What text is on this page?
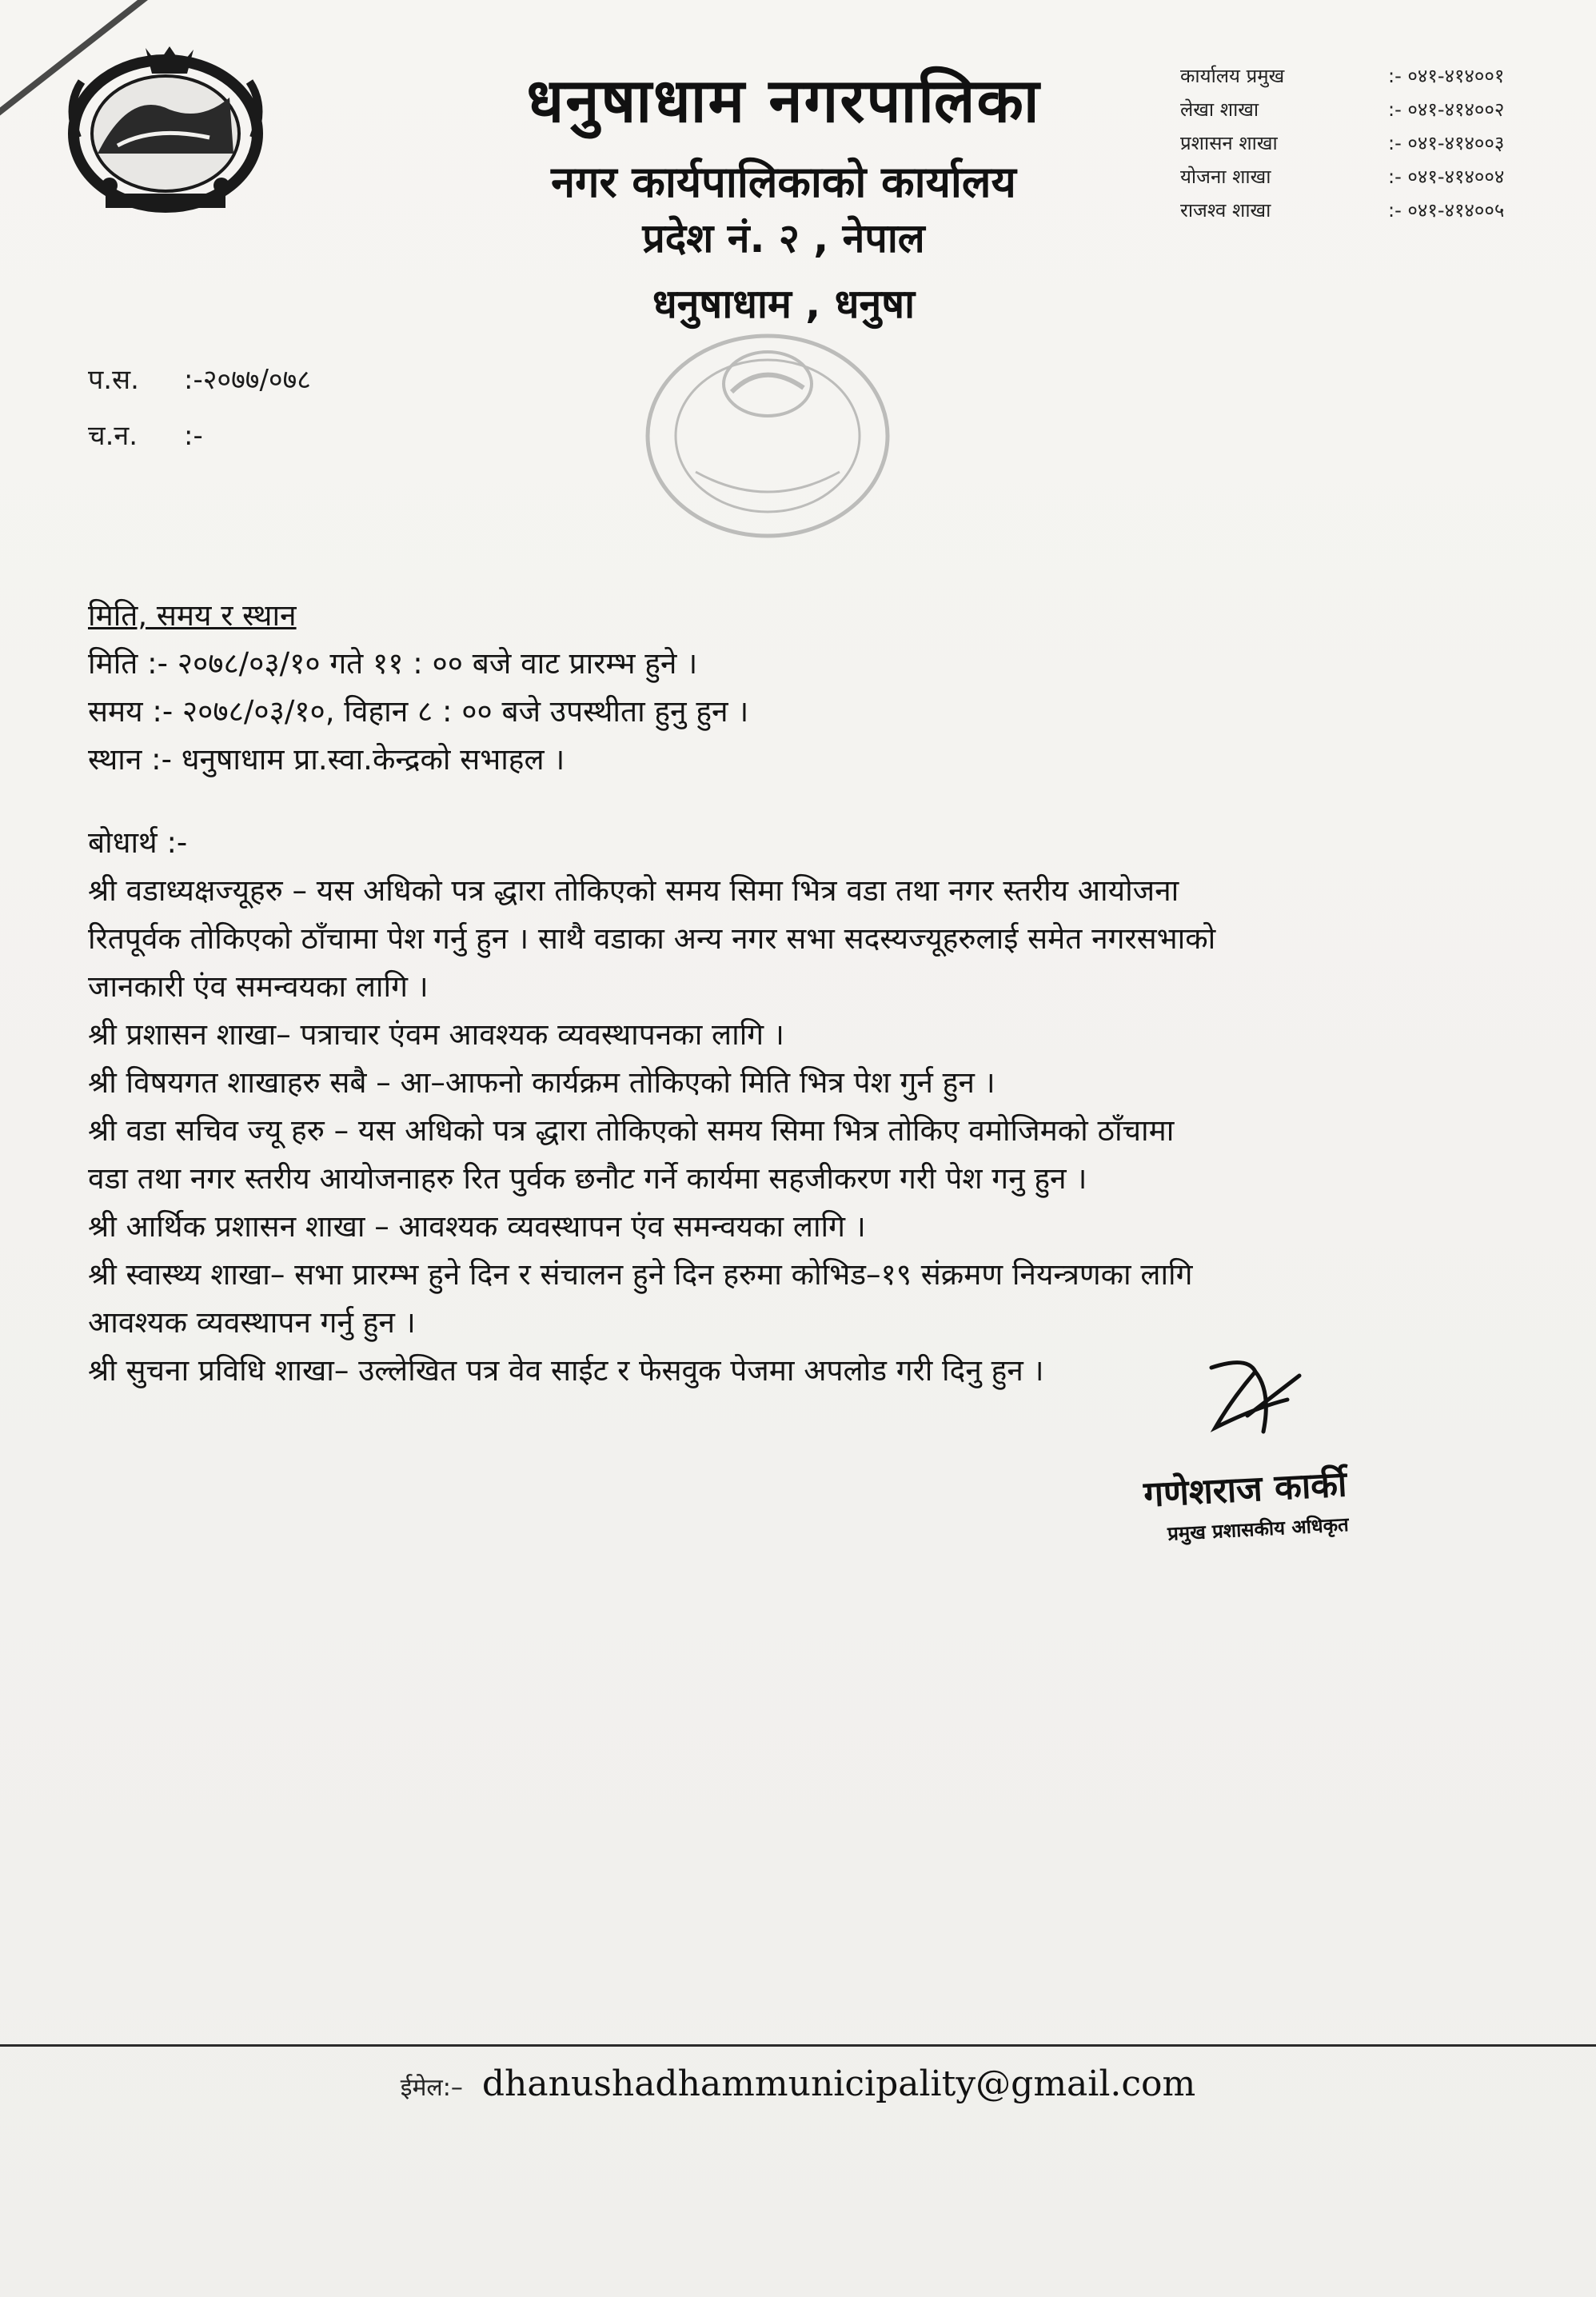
धनुषाधाम नगरपालिका
नगर कार्यपालिकाको कार्यालय
प्रदेश नं. २ , नेपाल
धनुषाधाम , धनुषा
कार्यालय प्रमुख	:- ०४१-४१४००१
लेखा शाखा	:- ०४१-४१४००२
प्रशासन शाखा	:- ०४१-४१४००३
योजना शाखा	:- ०४१-४१४००४
राजश्व शाखा	:- ०४१-४१४००५
प.स. :-२०७७/०७८
च.न. :-
मिति, समय र स्थान
मिति :- २०७८/०३/१० गते ११ : ०० बजे वाट प्रारम्भ हुने ।
समय :- २०७८/०३/१०, विहान ८ : ०० बजे उपस्थीता हुनु हुन ।
स्थान :- धनुषाधाम प्रा.स्वा.केन्द्रको सभाहल ।
बोधार्थ :-
श्री वडाध्यक्षज्यूहरु – यस अधिको पत्र द्धारा तोकिएको समय सिमा भित्र वडा तथा नगर स्तरीय आयोजना
रितपूर्वक तोकिएको ठाँचामा पेश गर्नु हुन । साथै वडाका अन्य नगर सभा सदस्यज्यूहरुलाई समेत नगरसभाको
जानकारी एंव समन्वयका लागि ।
श्री प्रशासन शाखा– पत्राचार एंवम आवश्यक व्यवस्थापनका लागि ।
श्री विषयगत शाखाहरु सबै – आ–आफनो कार्यक्रम तोकिएको मिति भित्र पेश गुर्न हुन ।
श्री वडा सचिव ज्यू हरु – यस अधिको पत्र द्धारा तोकिएको समय सिमा भित्र तोकिए वमोजिमको ठाँचामा
वडा तथा नगर स्तरीय आयोजनाहरु रित पुर्वक छनौट गर्ने कार्यमा सहजीकरण गरी पेश गनु हुन ।
श्री आर्थिक प्रशासन शाखा – आवश्यक व्यवस्थापन एंव समन्वयका लागि ।
श्री स्वास्थ्य शाखा– सभा प्रारम्भ हुने दिन र संचालन हुने दिन हरुमा कोभिड–१९ संक्रमण नियन्त्रणका लागि
आवश्यक व्यवस्थापन गर्नु हुन ।
श्री सुचना प्रविधि शाखा– उल्लेखित पत्र वेव साईट र फेसवुक पेजमा अपलोड गरी दिनु हुन ।
गणेशराज कार्की
प्रमुख प्रशासकीय अधिकृत
ईमेल:– dhanushadhammunicipality@gmail.com
